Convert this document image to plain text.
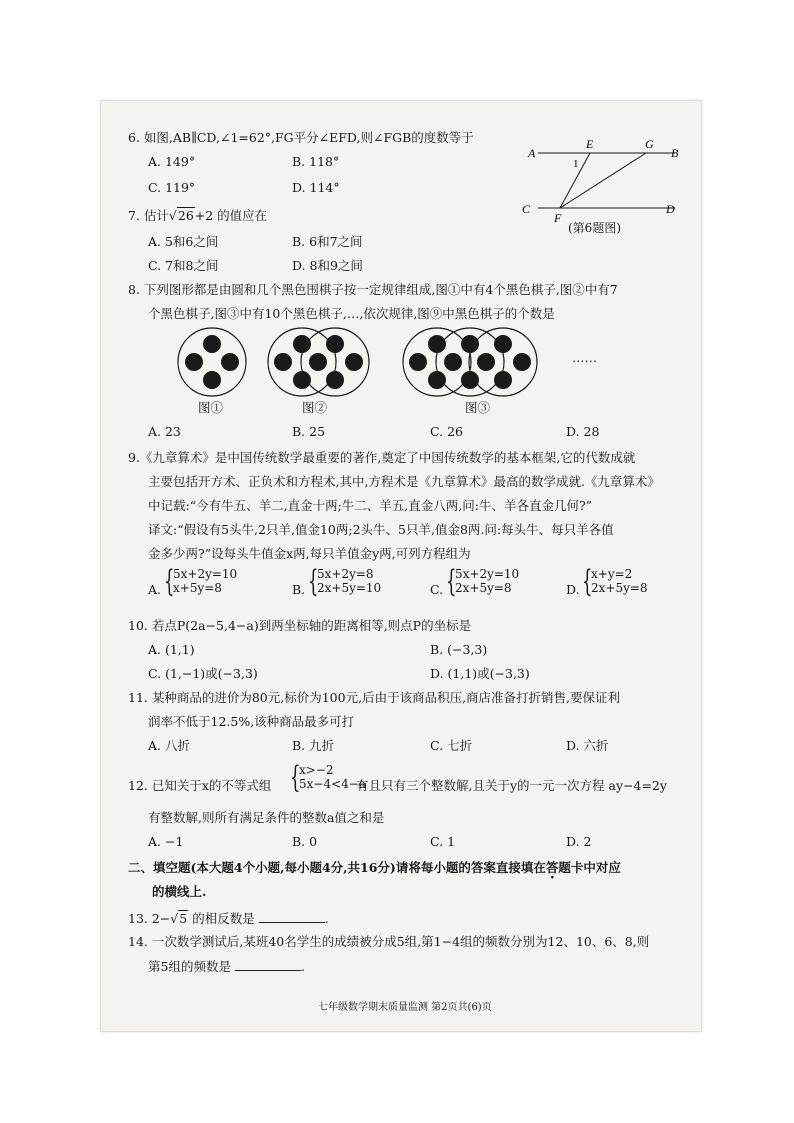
6. 如图,AB∥CD,∠1=62°,FG平分∠EFD,则∠FGB的度数等于
A. 149°	B. 118°
C. 119°	D. 114°
A
E	G
B
1
C
F
D
(第6题图)
7. 估计√26+2 的值应在
A. 5和6之间	B. 6和7之间
C. 7和8之间	D. 8和9之间
8. 下列图形都是由圆和几个黑色围棋子按一定规律组成,图①中有4个黑色棋子,图②中有7
个黑色棋子,图③中有10个黑色棋子,…,依次规律,图⑨中黑色棋子的个数是
……
图①	图②	图③
A. 23	B. 25	C. 26	D. 28
9.《九章算术》是中国传统数学最重要的著作,奠定了中国传统数学的基本框架,它的代数成就
主要包括开方术、正负术和方程术,其中,方程术是《九章算术》最高的数学成就.《九章算术》
中记载:“今有牛五、羊二,直金十两;牛二、羊五,直金八两,问:牛、羊各直金几何?”
译文:“假设有5头牛,2只羊,值金10两;2头牛、5只羊,值金8两.问:每头牛、每只羊各值
金多少两?”设每头牛值金x两,每只羊值金y两,可列方程组为
A. {
5x+2y=10
x+5y=8	B. {
5x+2y=8
2x+5y=10	C. {
5x+2y=10
2x+5y=8	D. {
x+y=2
2x+5y=8
10. 若点P(2a−5,4−a)到两坐标轴的距离相等,则点P的坐标是
A. (1,1)	B. (−3,3)
C. (1,−1)或(−3,3)	D. (1,1)或(−3,3)
11. 某种商品的进价为80元,标价为100元,后由于该商品积压,商店准备打折销售,要保证利
润率不低于12.5%,该种商品最多可打
A. 八折	B. 九折	C. 七折	D. 六折
12. 已知关于x的不等式组 {
x>−2
5x−4<4−a
有且只有三个整数解,且关于y的一元一次方程 ay−4=2y
有整数解,则所有满足条件的整数a值之和是
A. −1	B. 0	C. 1	D. 2
二、填空题(本大题4个小题,每小题4分,共16分)请将每小题的答案直接填在答题卡中对应
的横线上.
13. 2−√5 的相反数是	.
14. 一次数学测试后,某班40名学生的成绩被分成5组,第1−4组的频数分别为12、10、6、8,则
第5组的频数是	.
七年级数学期末质量监测 第2页共(6)页
